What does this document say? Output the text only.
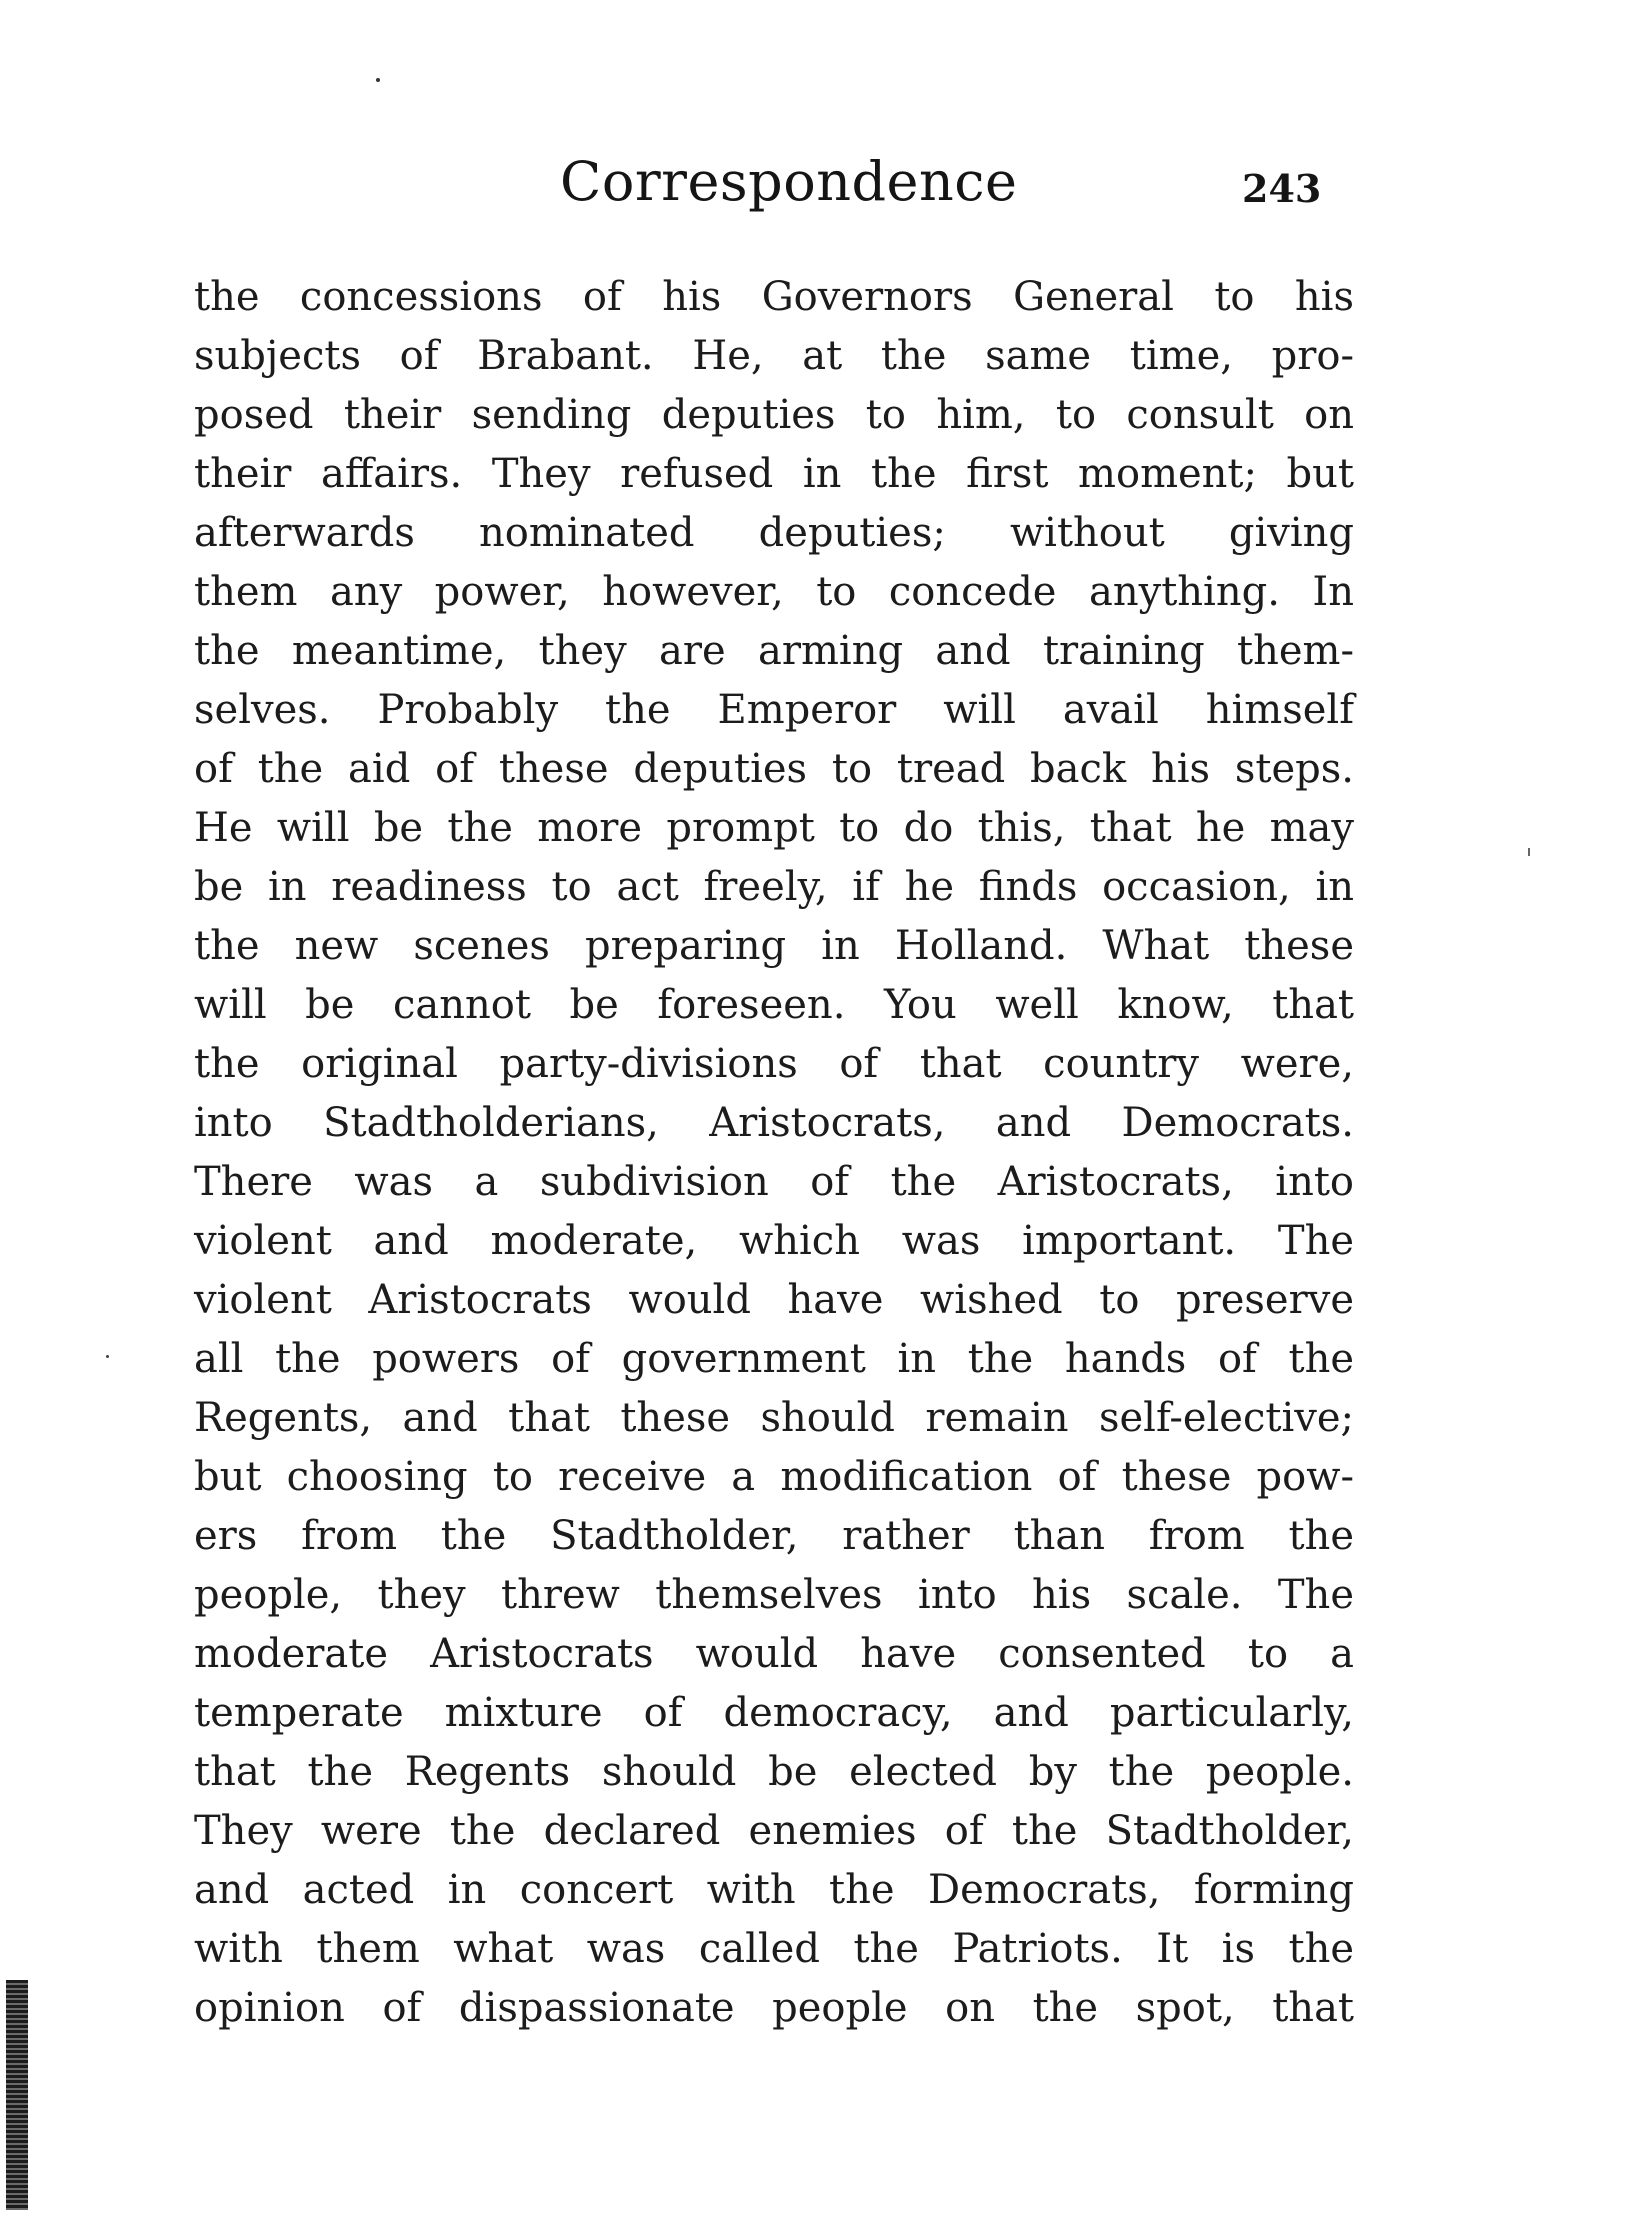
Correspondence	243
the concessions of his Governors General to his
subjects of Brabant. He, at the same time, pro-
posed their sending deputies to him, to consult on
their affairs. They refused in the first moment; but
afterwards nominated deputies; without giving
them any power, however, to concede anything. In
the meantime, they are arming and training them-
selves. Probably the Emperor will avail himself
of the aid of these deputies to tread back his steps.
He will be the more prompt to do this, that he may
be in readiness to act freely, if he finds occasion, in
the new scenes preparing in Holland. What these
will be cannot be foreseen. You well know, that
the original party-divisions of that country were,
into Stadtholderians, Aristocrats, and Democrats.
There was a subdivision of the Aristocrats, into
violent and moderate, which was important. The
violent Aristocrats would have wished to preserve
all the powers of government in the hands of the
Regents, and that these should remain self-elective;
but choosing to receive a modification of these pow-
ers from the Stadtholder, rather than from the
people, they threw themselves into his scale. The
moderate Aristocrats would have consented to a
temperate mixture of democracy, and particularly,
that the Regents should be elected by the people.
They were the declared enemies of the Stadtholder,
and acted in concert with the Democrats, forming
with them what was called the Patriots. It is the
opinion of dispassionate people on the spot, that
